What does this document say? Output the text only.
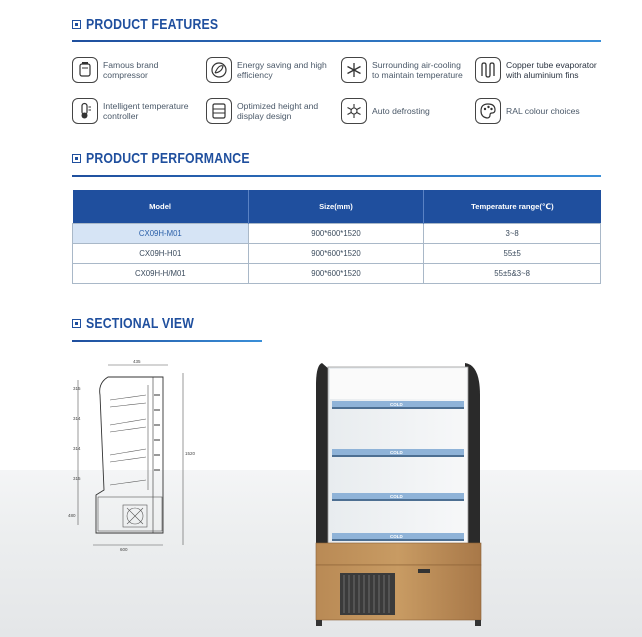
PRODUCT FEATURES
Famous brand
compressor
Energy saving and high
efficiency
Surrounding air-cooling
to maintain temperature
Copper tube evaporator
with aluminium fins
Intelligent temperature
controller
Optimized height and
display design	Auto defrosting	RAL colour choices
PRODUCT PERFORMANCE
Model	Size(mm)	Temperature range(℃)
CX09H-M01	900*600*1520	3~8
CX09H-H01	900*600*1520	55±5
CX09H-H/M01	900*600*1520	55±5&3~8
SECTIONAL VIEW
435
1520
600
480
315
314
314
315
COLD
COLD
COLD
COLD
